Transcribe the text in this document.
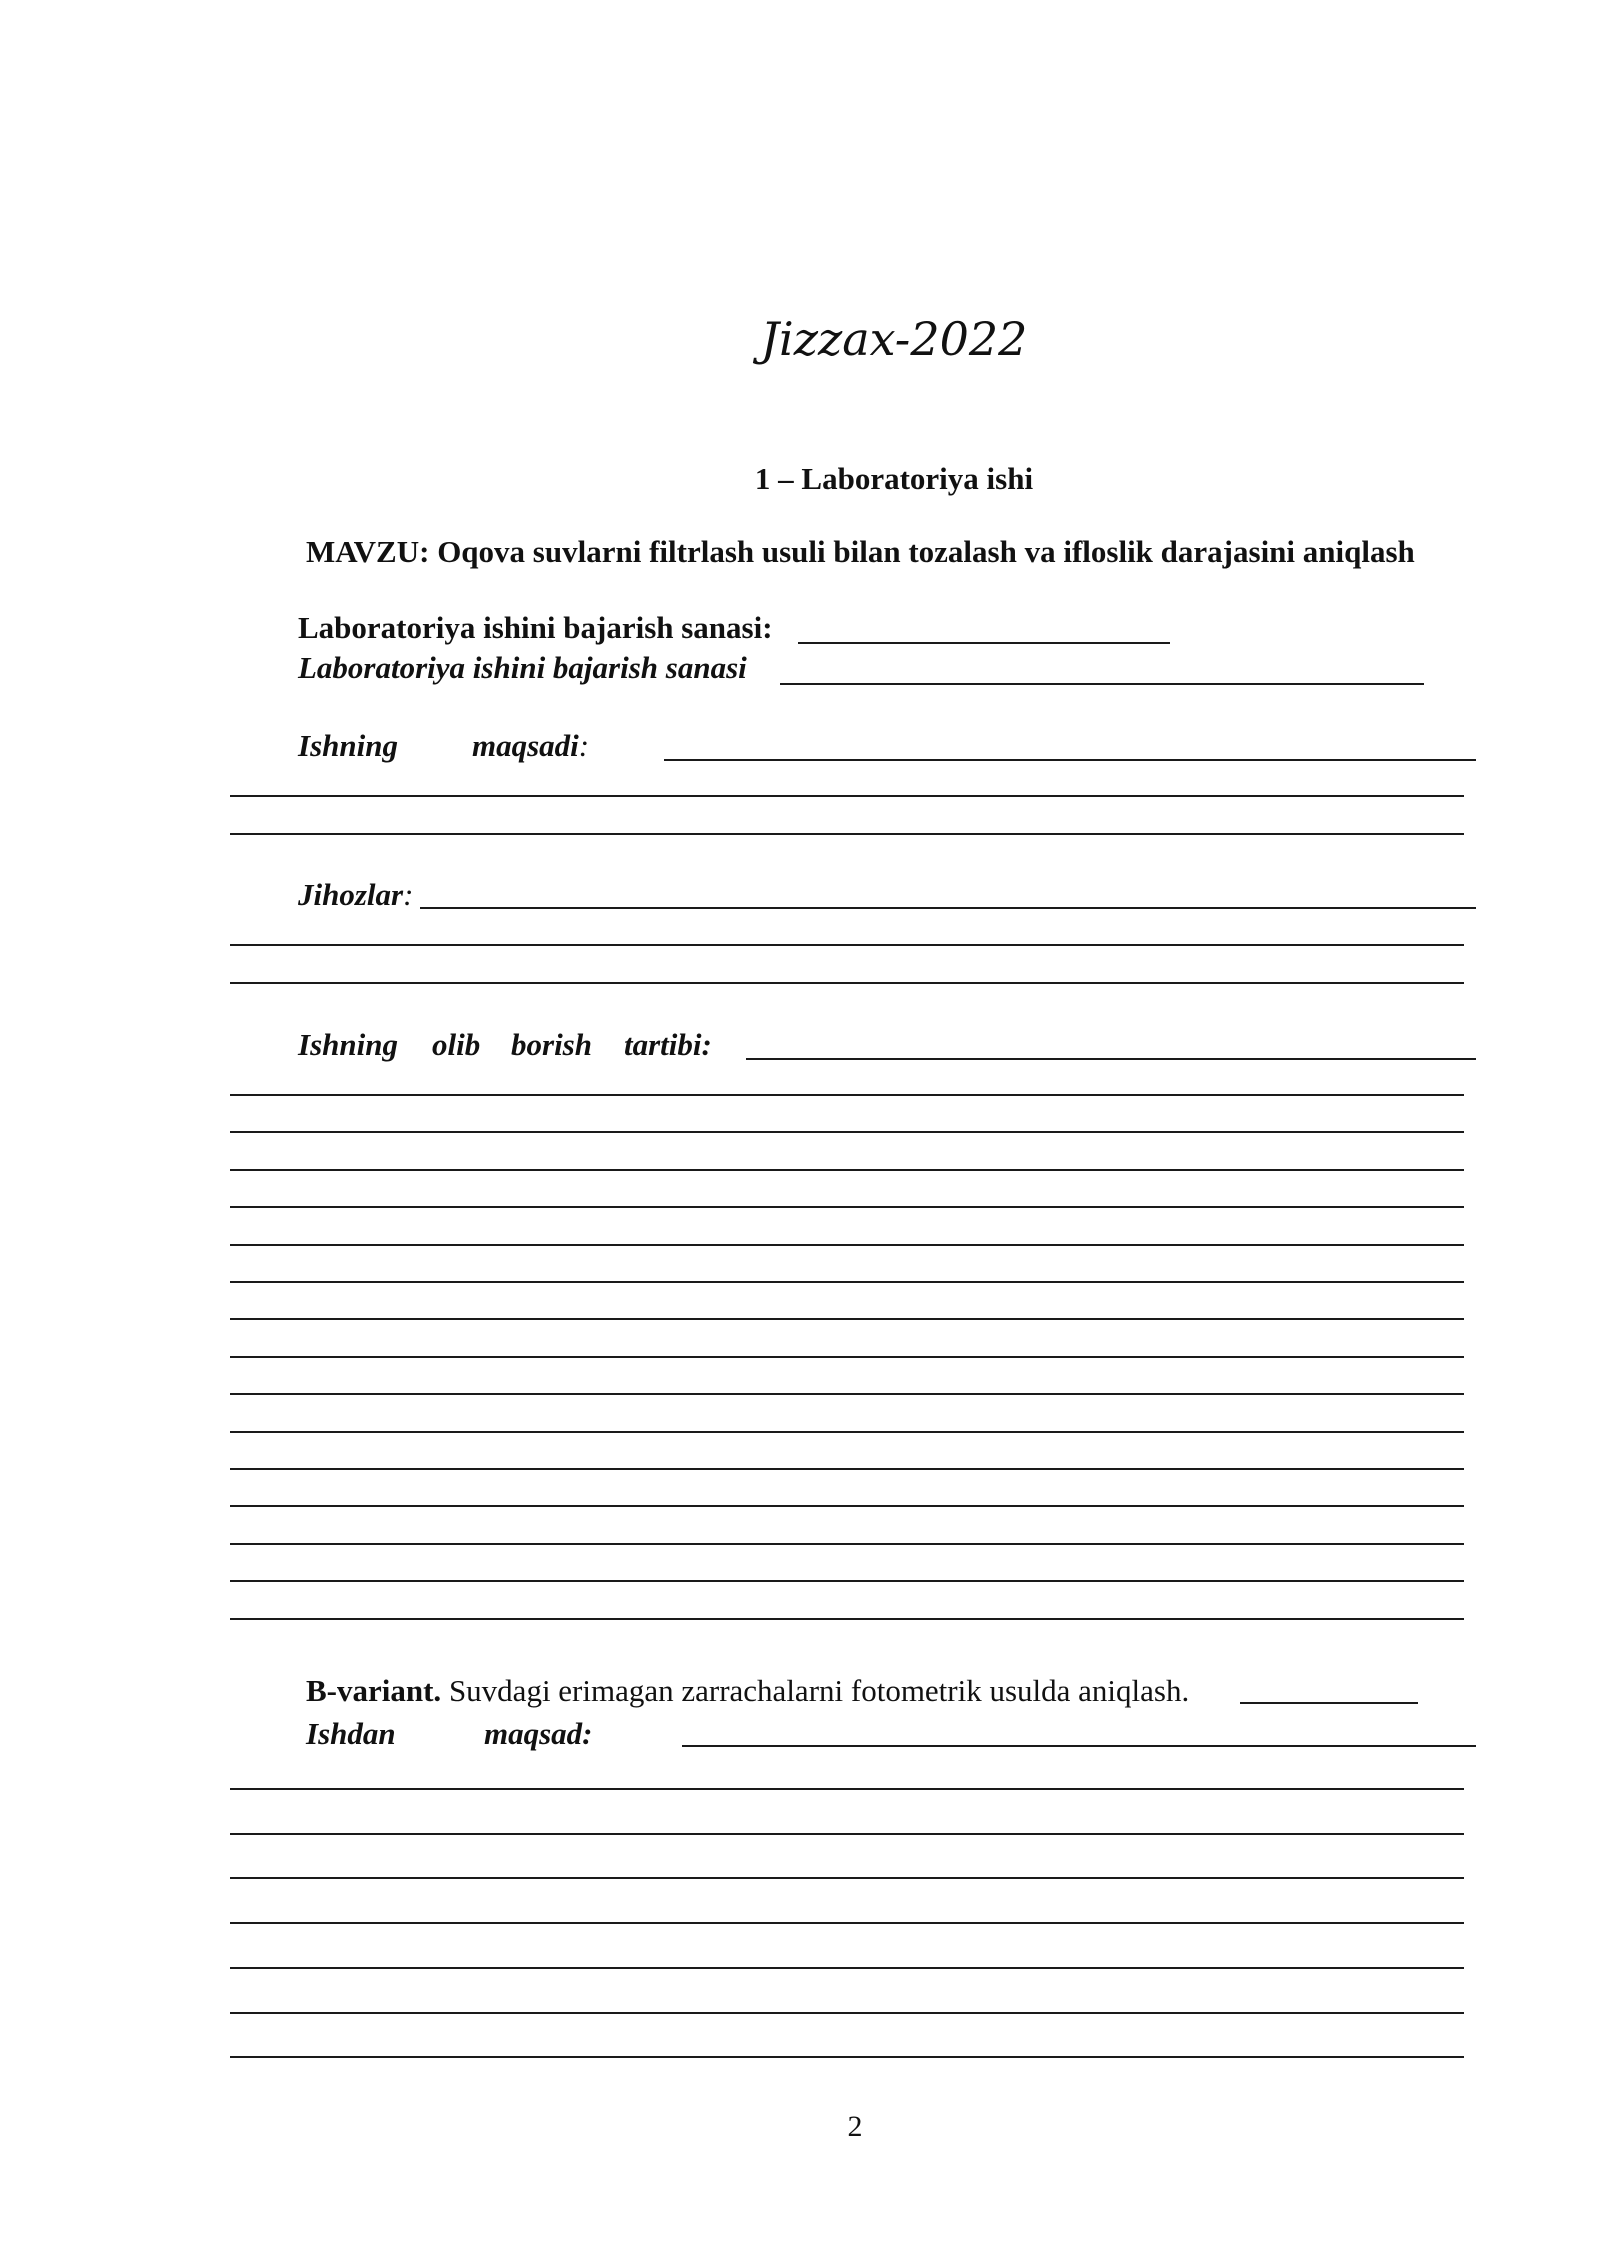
Jizzax-2022
1 – Laboratoriya ishi
MAVZU: Oqova suvlarni filtrlash usuli bilan tozalash va ifloslik darajasini aniqlash
Laboratoriya ishini bajarish sanasi:
Laboratoriya ishini bajarish sanasi
Ishning maqsadi:
Jihozlar:
Ishning olib borish tartibi:
B-variant. Suvdagi erimagan zarrachalarni fotometrik usulda aniqlash.
Ishdan	maqsad:
2
